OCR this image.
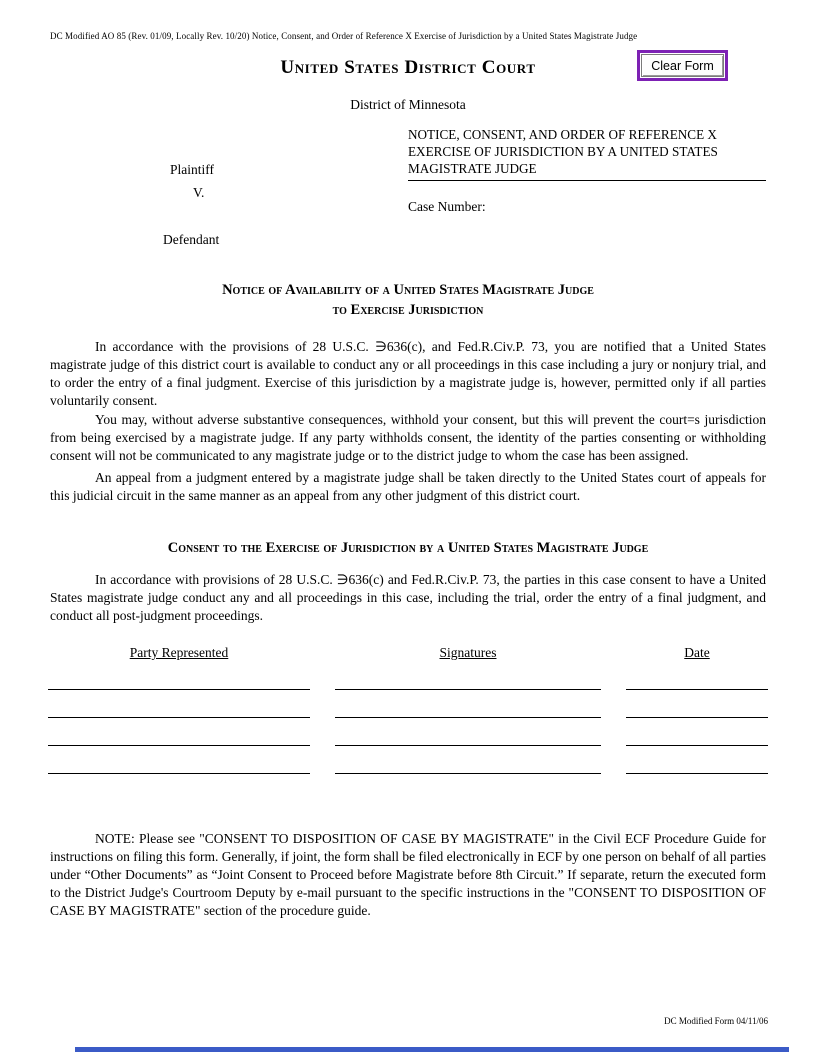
DC Modified AO 85 (Rev. 01/09, Locally Rev. 10/20) Notice, Consent, and Order of Reference X Exercise of Jurisdiction by a United States Magistrate Judge
Clear Form
United States District Court
District of Minnesota
Plaintiff
V.
Defendant
NOTICE, CONSENT, AND ORDER OF REFERENCE X
EXERCISE OF JURISDICTION BY A UNITED STATES
MAGISTRATE JUDGE
Case Number:
Notice of Availability of a United States Magistrate Judge
to Exercise Jurisdiction

In accordance with the provisions of 28 U.S.C. ∋636(c), and Fed.R.Civ.P. 73, you are notified that a United States magistrate judge of this district court is available to conduct any or all proceedings in this case including a jury or nonjury trial, and to order the entry of a final judgment. Exercise of this jurisdiction by a magistrate judge is, however, permitted only if all parties voluntarily consent.

You may, without adverse substantive consequences, withhold your consent, but this will prevent the court=s jurisdiction from being exercised by a magistrate judge. If any party withholds consent, the identity of the parties consenting or withholding consent will not be communicated to any magistrate judge or to the district judge to whom the case has been assigned.

An appeal from a judgment entered by a magistrate judge shall be taken directly to the United States court of appeals for this judicial circuit in the same manner as an appeal from any other judgment of this district court.

Consent to the Exercise of Jurisdiction by a United States Magistrate Judge

In accordance with provisions of 28 U.S.C. ∋636(c) and Fed.R.Civ.P. 73, the parties in this case consent to have a United States magistrate judge conduct any and all proceedings in this case, including the trial, order the entry of a final judgment, and conduct all post-judgment proceedings.

Party Represented	Signatures	Date

NOTE: Please see "CONSENT TO DISPOSITION OF CASE BY MAGISTRATE" in the Civil ECF Procedure Guide for instructions on filing this form. Generally, if joint, the form shall be filed electronically in ECF by one person on behalf of all parties under “Other Documents” as “Joint Consent to Proceed before Magistrate before 8th Circuit.” If separate, return the executed form to the District Judge's Courtroom Deputy by e-mail pursuant to the specific instructions in the "CONSENT TO DISPOSITION OF CASE BY MAGISTRATE" section of the procedure guide.

DC Modified Form 04/11/06
